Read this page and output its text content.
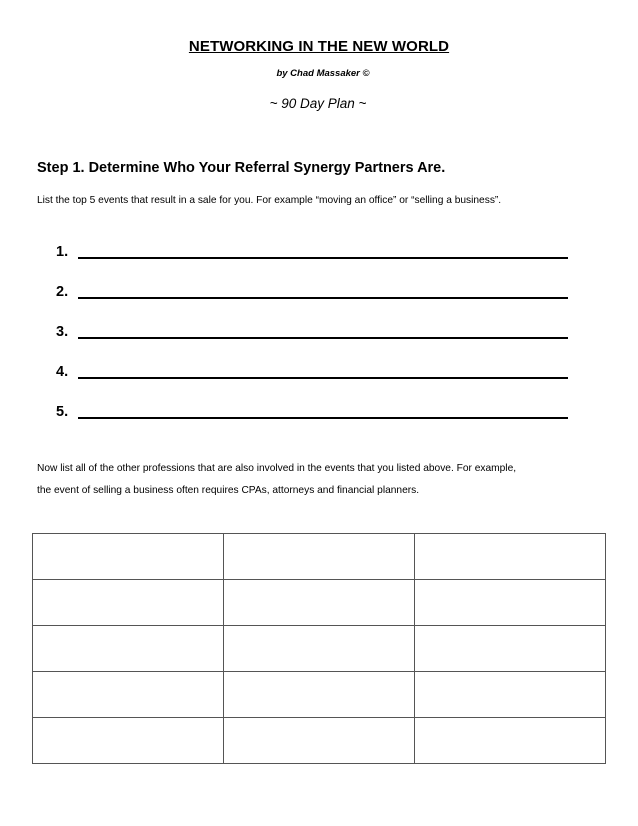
NETWORKING IN THE NEW WORLD
by Chad Massaker ©
~ 90 Day Plan ~
Step 1. Determine Who Your Referral Synergy Partners Are.
List the top 5 events that result in a sale for you. For example “moving an office” or “selling a business”.
1.
2.
3.
4.
5.
Now list all of the other professions that are also involved in the events that you listed above. For example,
the event of selling a business often requires CPAs, attorneys and financial planners.
